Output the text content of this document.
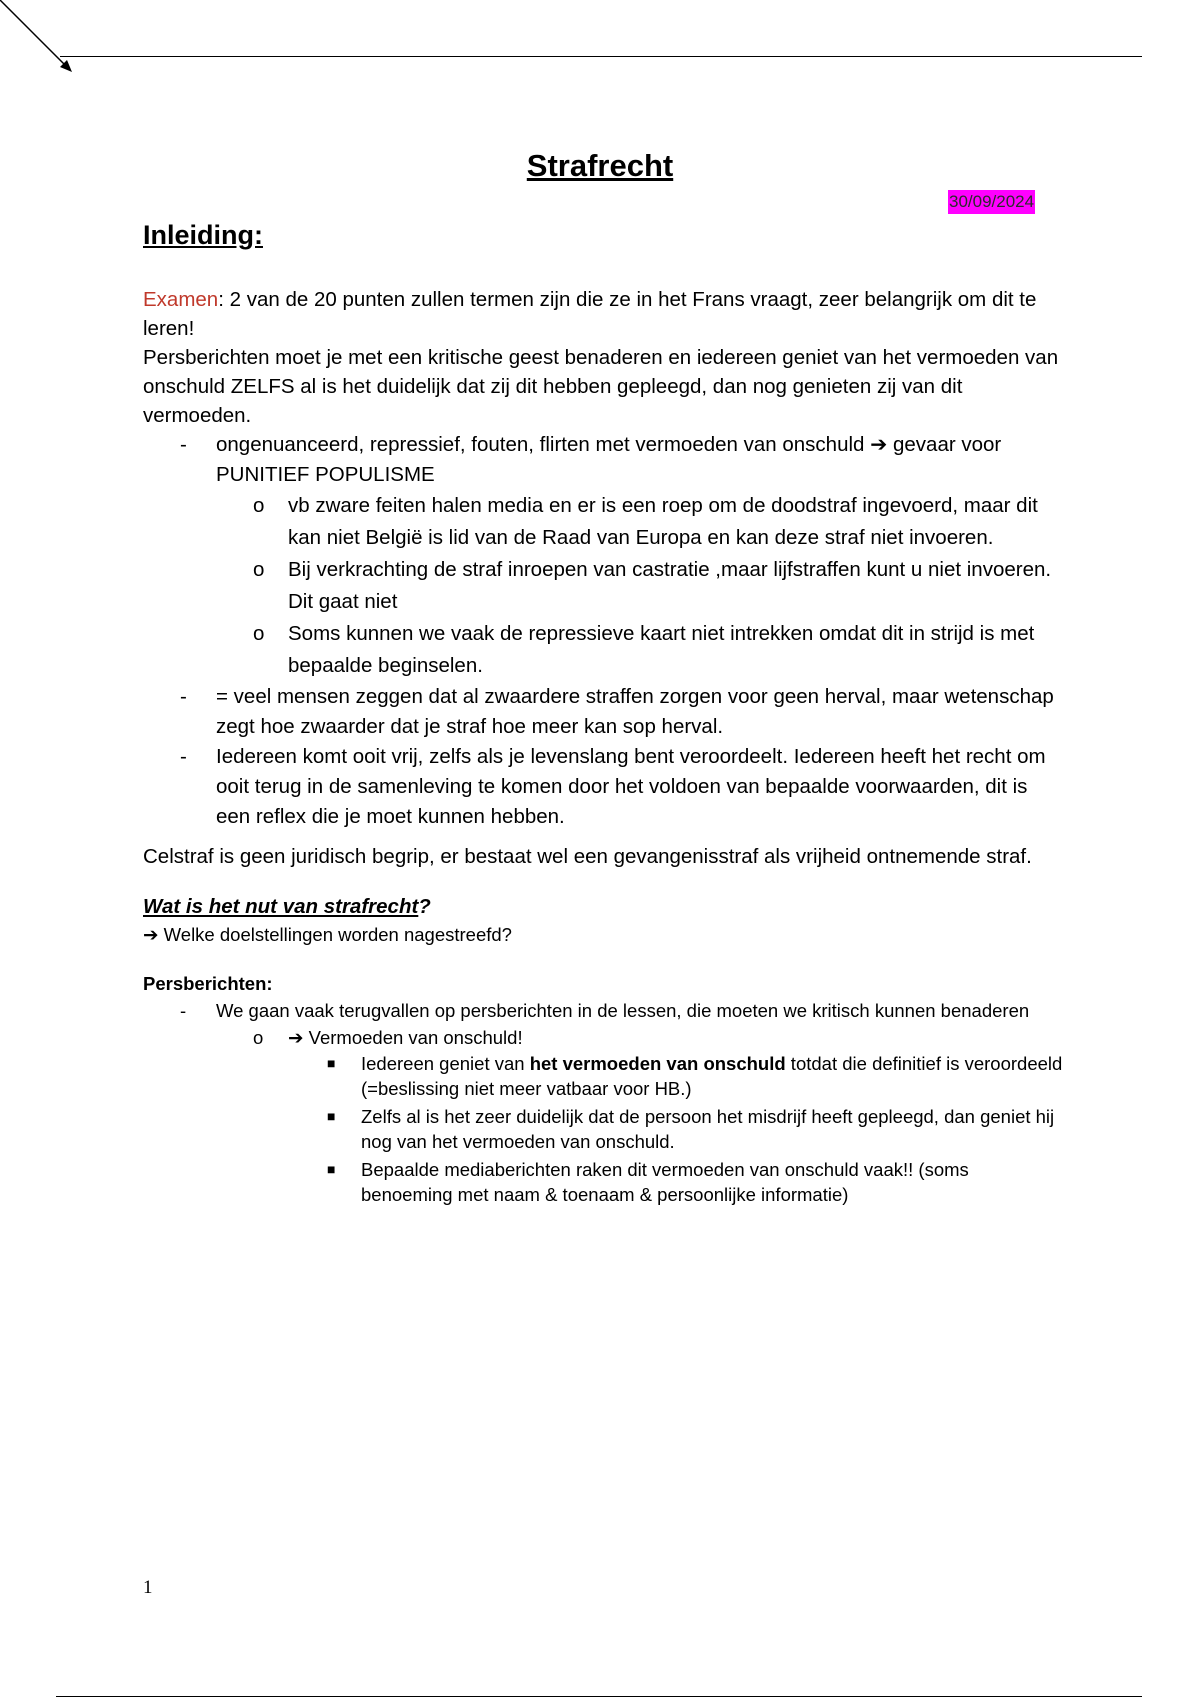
Strafrecht
30/09/2024
Inleiding:

Examen: 2 van de 20 punten zullen termen zijn die ze in het Frans vraagt, zeer belangrijk om dit te leren!

Persberichten moet je met een kritische geest benaderen en iedereen geniet van het vermoeden van onschuld ZELFS al is het duidelijk dat zij dit hebben gepleegd, dan nog genieten zij van dit vermoeden.

- ongenuanceerd, repressief, fouten, flirten met vermoeden van onschuld ➔ gevaar voor PUNITIEF POPULISME
o vb zware feiten halen media en er is een roep om de doodstraf ingevoerd, maar dit kan niet België is lid van de Raad van Europa en kan deze straf niet invoeren.
o Bij verkrachting de straf inroepen van castratie ,maar lijfstraffen kunt u niet invoeren. Dit gaat niet
o Soms kunnen we vaak de repressieve kaart niet intrekken omdat dit in strijd is met bepaalde beginselen.
- = veel mensen zeggen dat al zwaardere straffen zorgen voor geen herval, maar wetenschap zegt hoe zwaarder dat je straf hoe meer kan sop herval.
- Iedereen komt ooit vrij, zelfs als je levenslang bent veroordeelt. Iedereen heeft het recht om ooit terug in de samenleving te komen door het voldoen van bepaalde voorwaarden, dit is een reflex die je moet kunnen hebben.

Celstraf is geen juridisch begrip, er bestaat wel een gevangenisstraf als vrijheid ontnemende straf.

Wat is het nut van strafrecht?

➔ Welke doelstellingen worden nagestreefd?

Persberichten:

- We gaan vaak terugvallen op persberichten in de lessen, die moeten we kritisch kunnen benaderen
o ➔ Vermoeden van onschuld!
■ Iedereen geniet van het vermoeden van onschuld totdat die definitief is veroordeeld (=beslissing niet meer vatbaar voor HB.)
■ Zelfs al is het zeer duidelijk dat de persoon het misdrijf heeft gepleegd, dan geniet hij nog van het vermoeden van onschuld.
■ Bepaalde mediaberichten raken dit vermoeden van onschuld vaak!! (soms benoeming met naam & toenaam & persoonlijke informatie)
1
